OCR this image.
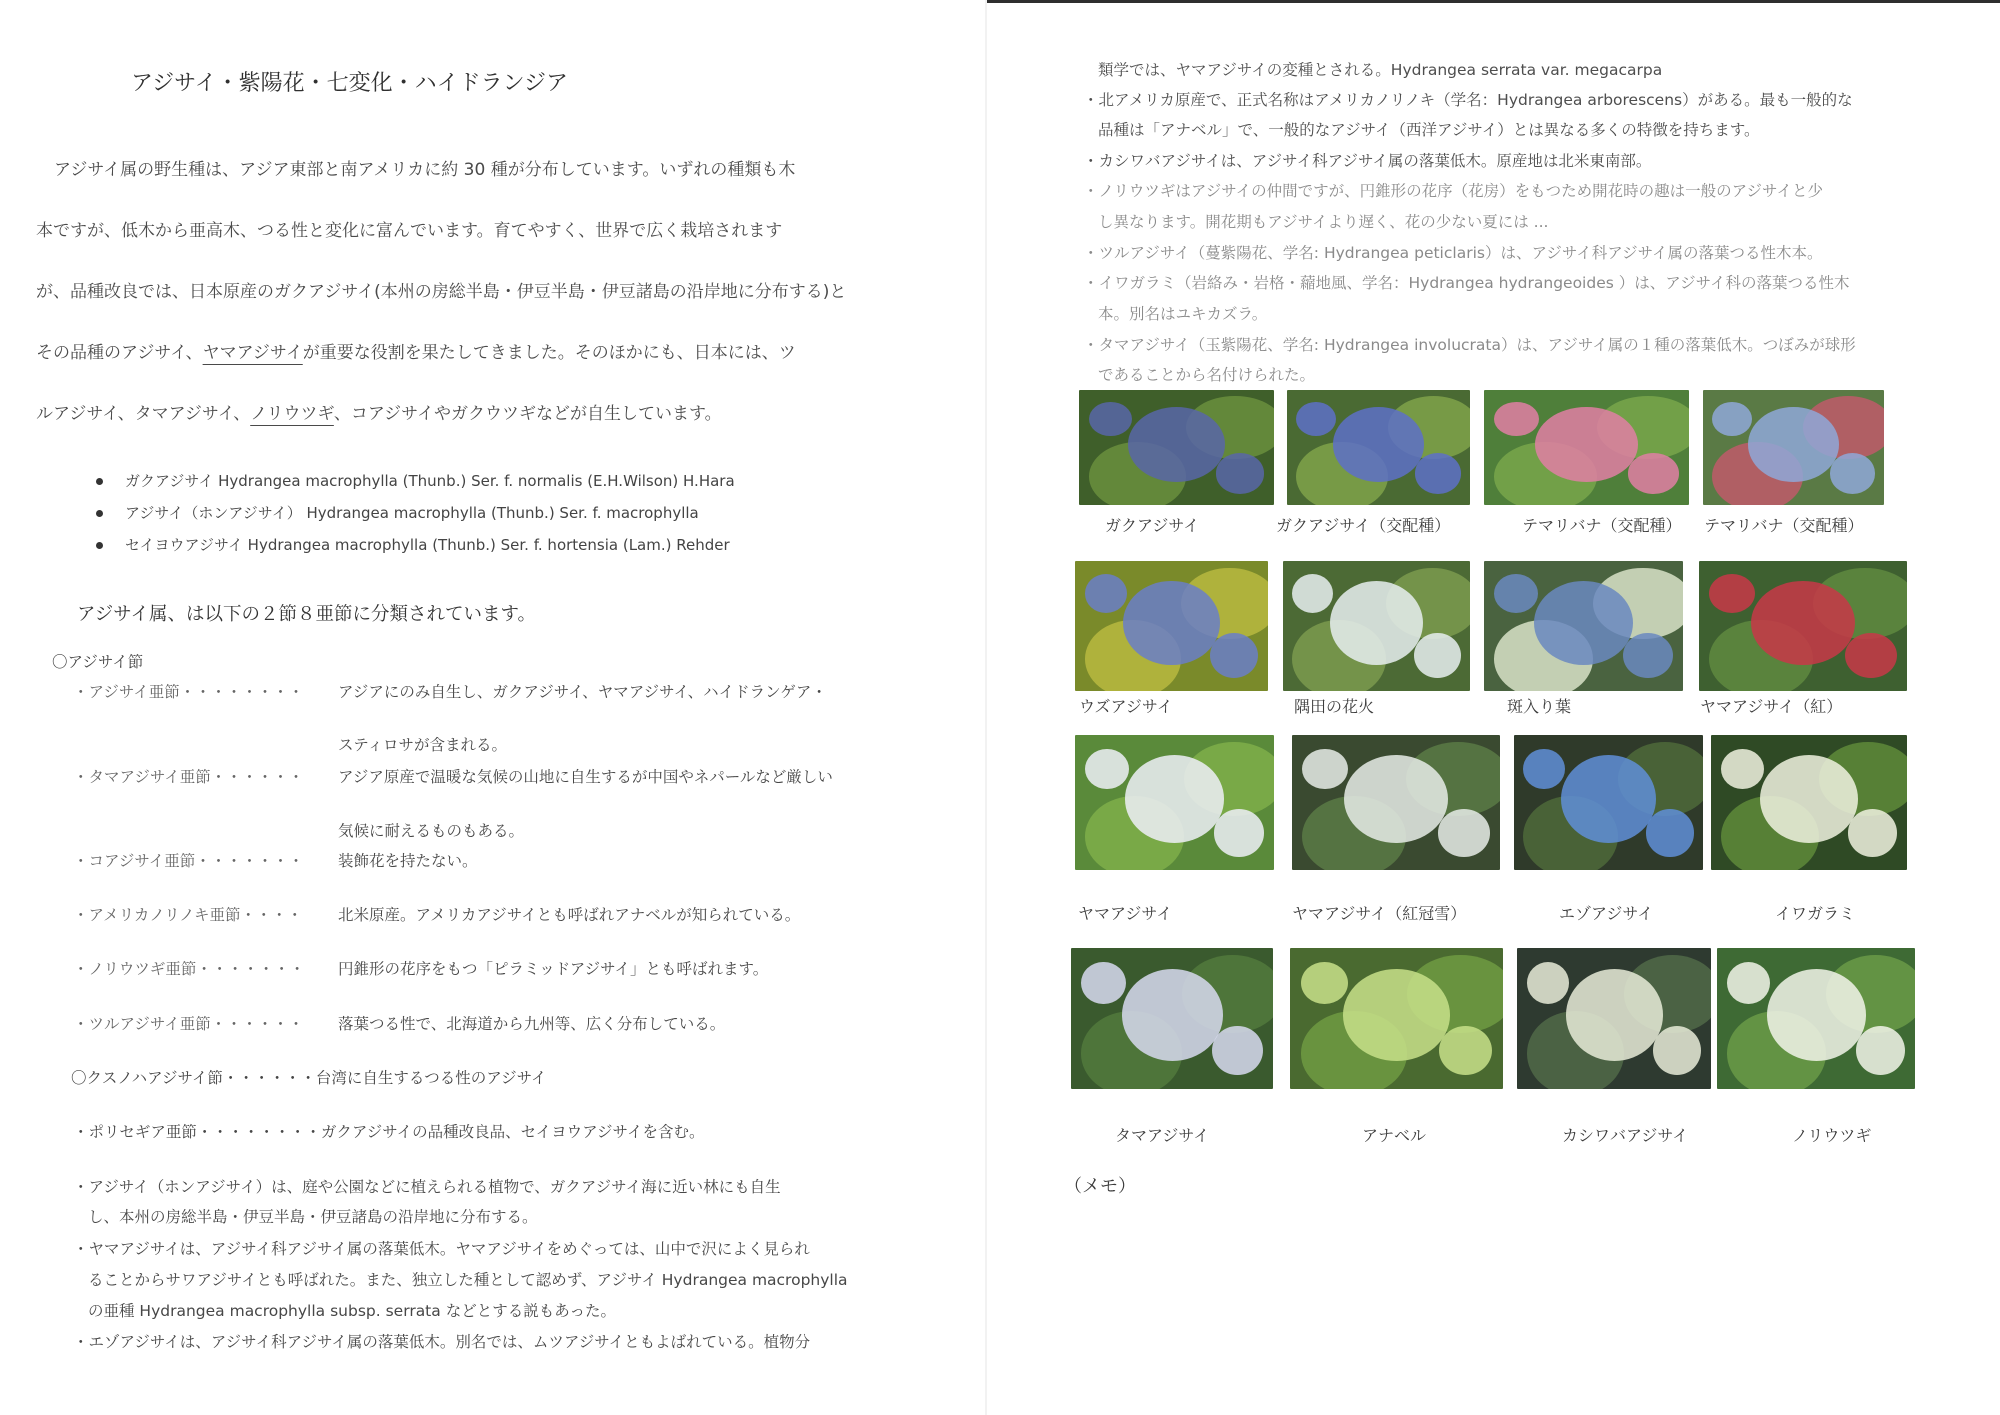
アジサイ・紫陽花・七変化・ハイドランジア
アジサイ属の野生種は、アジア東部と南アメリカに約 30 種が分布しています。いずれの種類も木
本ですが、低木から亜高木、つる性と変化に富んでいます。育てやすく、世界で広く栽培されます
が、品種改良では、日本原産のガクアジサイ(本州の房総半島・伊豆半島・伊豆諸島の沿岸地に分布する)と
その品種のアジサイ、ヤマアジサイが重要な役割を果たしてきました。そのほかにも、日本には、ツ
ルアジサイ、タマアジサイ、ノリウツギ、コアジサイやガクウツギなどが自生しています。
ガクアジサイ Hydrangea macrophylla (Thunb.) Ser. f. normalis (E.H.Wilson) H.Hara
アジサイ（ホンアジサイ） Hydrangea macrophylla (Thunb.) Ser. f. macrophylla
セイヨウアジサイ Hydrangea macrophylla (Thunb.) Ser. f. hortensia (Lam.) Rehder
アジサイ属、は以下の２節８亜節に分類されています。
〇アジサイ節
・アジサイ亜節・・・・・・・・ アジアにのみ自生し、ガクアジサイ、ヤマアジサイ、ハイドランゲア・
スティロサが含まれる。
・タマアジサイ亜節・・・・・・ アジア原産で温暖な気候の山地に自生するが中国やネパールなど厳しい
気候に耐えるものもある。
・コアジサイ亜節・・・・・・・ 装飾花を持たない。
・アメリカノリノキ亜節・・・・ 北米原産。アメリカアジサイとも呼ばれアナベルが知られている。
・ノリウツギ亜節・・・・・・・ 円錐形の花序をもつ「ピラミッドアジサイ」とも呼ばれます。
・ツルアジサイ亜節・・・・・・ 落葉つる性で、北海道から九州等、広く分布している。
〇クスノハアジサイ節・・・・・・台湾に自生するつる性のアジサイ
・ポリセギア亜節・・・・・・・・ガクアジサイの品種改良品、セイヨウアジサイを含む。
・アジサイ（ホンアジサイ）は、庭や公園などに植えられる植物で、ガクアジサイ海に近い林にも自生
し、本州の房総半島・伊豆半島・伊豆諸島の沿岸地に分布する。
・ヤマアジサイは、アジサイ科アジサイ属の落葉低木。ヤマアジサイをめぐっては、山中で沢によく見られ
ることからサワアジサイとも呼ばれた。また、独立した種として認めず、アジサイ Hydrangea macrophylla
の亜種 Hydrangea macrophylla subsp. serrata などとする説もあった。
・エゾアジサイは、アジサイ科アジサイ属の落葉低木。別名では、ムツアジサイともよばれている。植物分
類学では、ヤマアジサイの変種とされる。Hydrangea serrata var. megacarpa
・北アメリカ原産で、正式名称はアメリカノリノキ（学名：Hydrangea arborescens）がある。最も一般的な
品種は「アナベル」で、一般的なアジサイ（西洋アジサイ）とは異なる多くの特徴を持ちます。
・カシワバアジサイは、アジサイ科アジサイ属の落葉低木。原産地は北米東南部。
・ノリウツギはアジサイの仲間ですが、円錐形の花序（花房）をもつため開花時の趣は一般のアジサイと少
し異なります。開花期もアジサイより遅く、花の少ない夏には ...
・ツルアジサイ（蔓紫陽花、学名: Hydrangea peticlaris）は、アジサイ科アジサイ属の落葉つる性木本。
・イワガラミ（岩絡み・岩格・𧃴地風、学名：Hydrangea hydrangeoides ）は、アジサイ科の落葉つる性木
本。別名はユキカズラ。
・タマアジサイ（玉紫陽花、学名: Hydrangea involucrata）は、アジサイ属の１種の落葉低木。つぼみが球形
であることから名付けられた。
ガクアジサイ	ガクアジサイ（交配種）	テマリバナ（交配種） テマリバナ（交配種）
ウズアジサイ	隅田の花火	斑入り葉	ヤマアジサイ（紅）
ヤマアジサイ	ヤマアジサイ（紅冠雪）	エゾアジサイ	イワガラミ
タマアジサイ	アナベル	カシワバアジサイ	ノリウツギ
（メモ）
